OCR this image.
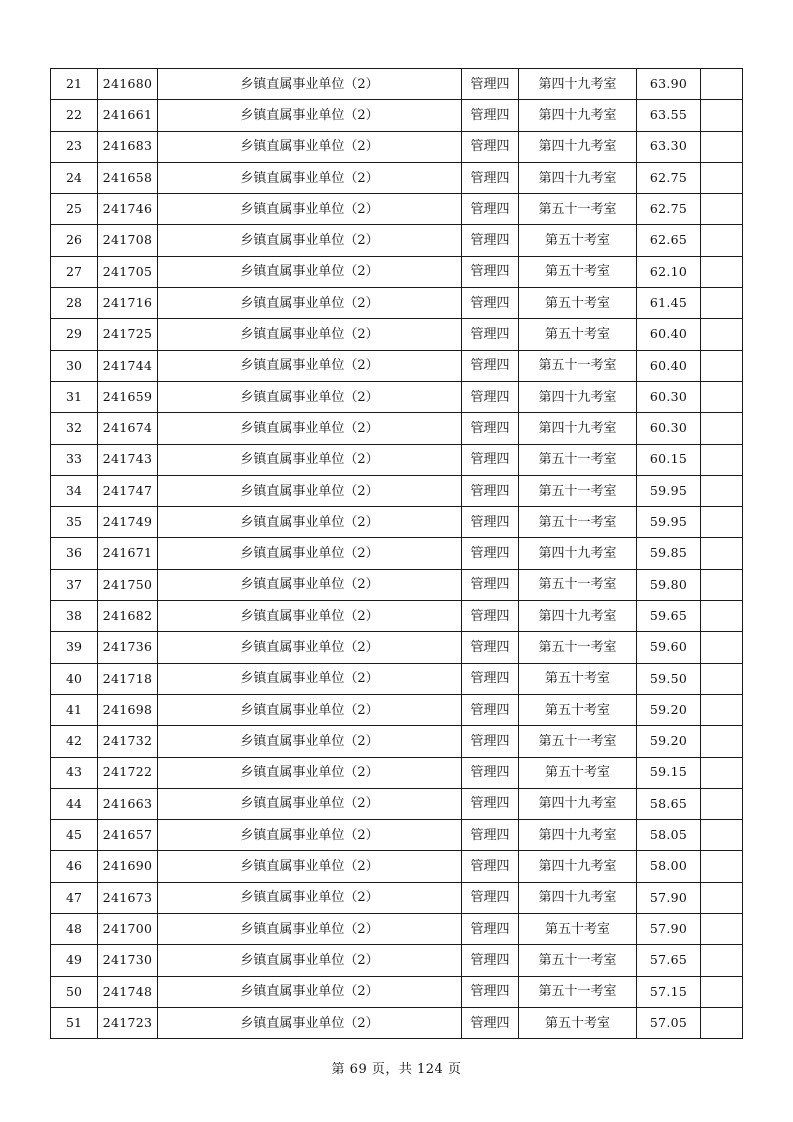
21	241680	乡镇直属事业单位（2）	管理四	第四十九考室	63.90	
22	241661	乡镇直属事业单位（2）	管理四	第四十九考室	63.55	
23	241683	乡镇直属事业单位（2）	管理四	第四十九考室	63.30	
24	241658	乡镇直属事业单位（2）	管理四	第四十九考室	62.75	
25	241746	乡镇直属事业单位（2）	管理四	第五十一考室	62.75	
26	241708	乡镇直属事业单位（2）	管理四	第五十考室	62.65	
27	241705	乡镇直属事业单位（2）	管理四	第五十考室	62.10	
28	241716	乡镇直属事业单位（2）	管理四	第五十考室	61.45	
29	241725	乡镇直属事业单位（2）	管理四	第五十考室	60.40	
30	241744	乡镇直属事业单位（2）	管理四	第五十一考室	60.40	
31	241659	乡镇直属事业单位（2）	管理四	第四十九考室	60.30	
32	241674	乡镇直属事业单位（2）	管理四	第四十九考室	60.30	
33	241743	乡镇直属事业单位（2）	管理四	第五十一考室	60.15	
34	241747	乡镇直属事业单位（2）	管理四	第五十一考室	59.95	
35	241749	乡镇直属事业单位（2）	管理四	第五十一考室	59.95	
36	241671	乡镇直属事业单位（2）	管理四	第四十九考室	59.85	
37	241750	乡镇直属事业单位（2）	管理四	第五十一考室	59.80	
38	241682	乡镇直属事业单位（2）	管理四	第四十九考室	59.65	
39	241736	乡镇直属事业单位（2）	管理四	第五十一考室	59.60	
40	241718	乡镇直属事业单位（2）	管理四	第五十考室	59.50	
41	241698	乡镇直属事业单位（2）	管理四	第五十考室	59.20	
42	241732	乡镇直属事业单位（2）	管理四	第五十一考室	59.20	
43	241722	乡镇直属事业单位（2）	管理四	第五十考室	59.15	
44	241663	乡镇直属事业单位（2）	管理四	第四十九考室	58.65	
45	241657	乡镇直属事业单位（2）	管理四	第四十九考室	58.05	
46	241690	乡镇直属事业单位（2）	管理四	第四十九考室	58.00	
47	241673	乡镇直属事业单位（2）	管理四	第四十九考室	57.90	
48	241700	乡镇直属事业单位（2）	管理四	第五十考室	57.90	
49	241730	乡镇直属事业单位（2）	管理四	第五十一考室	57.65	
50	241748	乡镇直属事业单位（2）	管理四	第五十一考室	57.15	
51	241723	乡镇直属事业单位（2）	管理四	第五十考室	57.05	
第 69 页，共 124 页
